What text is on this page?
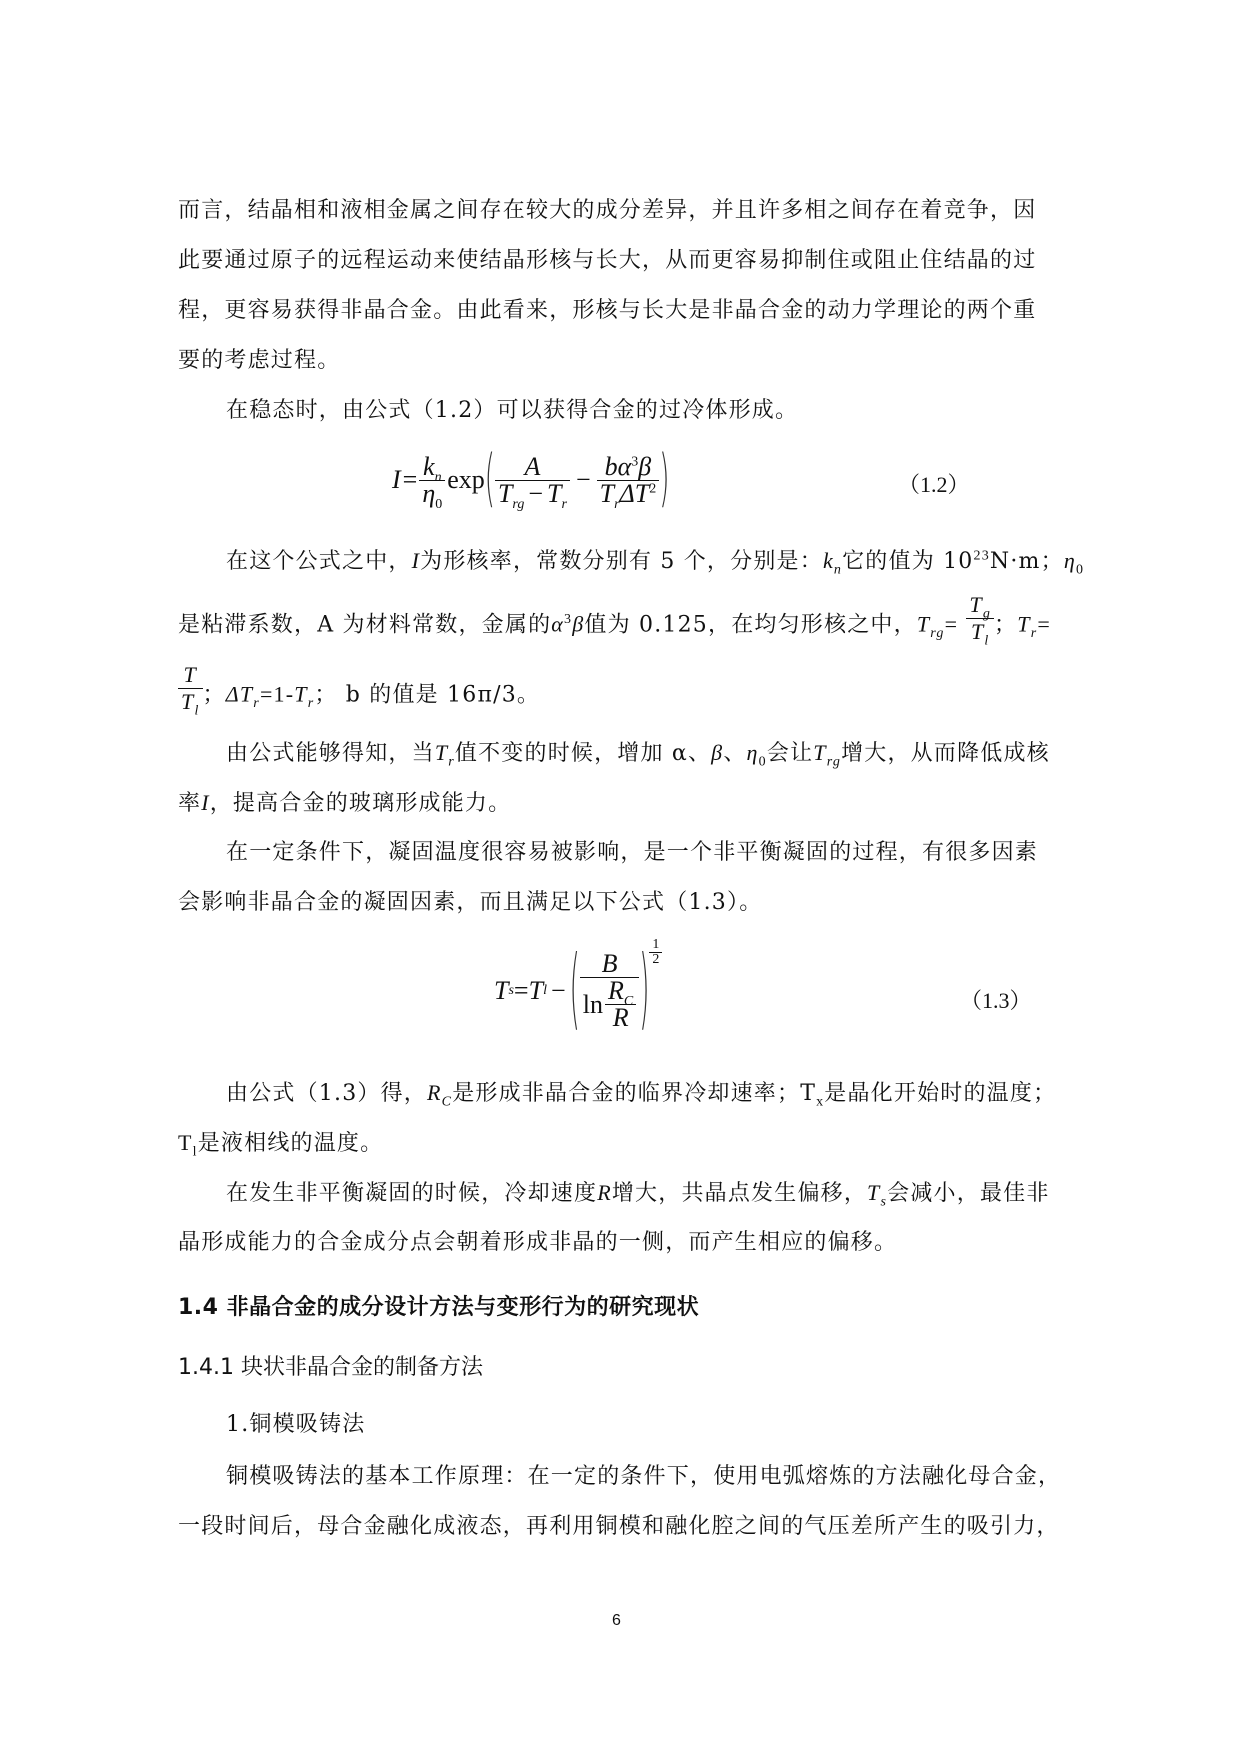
而言，结晶相和液相金属之间存在较大的成分差异，并且许多相之间存在着竞争，因
此要通过原子的远程运动来使结晶形核与长大，从而更容易抑制住或阻止住结晶的过
程，更容易获得非晶合金。由此看来，形核与长大是非晶合金的动力学理论的两个重
要的考虑过程。
在稳态时，由公式（1.2）可以获得合金的过冷体形成。
$I = \frac{k_n}{\eta_0}$ exp ( $\frac{A}{T_{rg} - T_r} - \frac{b\alpha^3\beta}{T_r\Delta T^2}$ )	（1.2）
在这个公式之中，I为形核率，常数分别有 5 个，分别是：$k_n$它的值为 $10^{23}N\cdot m$；$\eta_0$
是粘滞系数，A 为材料常数，金属的$\alpha^3\beta$值为 0.125，在均匀形核之中，$T_{rg}= \frac{T_g}{T_l}$ ；$T_r=$
$\frac{T}{T_l}$ ；$\Delta T_r=1-T_r$； b 的值是 16π/3。
由公式能够得知，当$T_r$值不变的时候，增加 α、β、$\eta_0$会让$T_{rg}$增大，从而降低成核
率I，提高合金的玻璃形成能力。
在一定条件下，凝固温度很容易被影响，是一个非平衡凝固的过程，有很多因素
会影响非晶合金的凝固因素，而且满足以下公式（1.3）。
T s = T l − ( $\frac{B}{\ln \frac{R_C}{R}}$ ) $\frac{1}{2}$
（1.3）
由公式（1.3）得，$R_C$是形成非晶合金的临界冷却速率；$T_x$是晶化开始时的温度；
$T_l$是液相线的温度。
在发生非平衡凝固的时候，冷却速度R增大，共晶点发生偏移，$T_s$会减小，最佳非
晶形成能力的合金成分点会朝着形成非晶的一侧，而产生相应的偏移。
1.4 非晶合金的成分设计方法与变形行为的研究现状
1.4.1 块状非晶合金的制备方法
1.铜模吸铸法
铜模吸铸法的基本工作原理：在一定的条件下，使用电弧熔炼的方法融化母合金，
一段时间后，母合金融化成液态，再利用铜模和融化腔之间的气压差所产生的吸引力，
6
